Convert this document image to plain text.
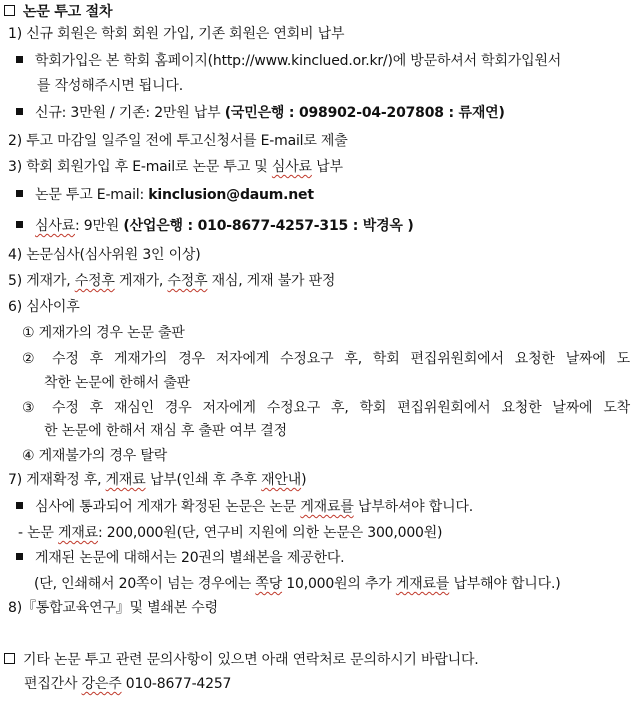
논문 투고 절차
1) 신규 회원은 학회 회원 가입, 기존 회원은 연회비 납부
학회가입은 본 학회 홈페이지(http://www.kinclued.or.kr/)에 방문하셔서 학회가입원서
를 작성해주시면 됩니다.
신규: 3만원 / 기존: 2만원 납부 (국민은행 : 098902-04-207808 : 류재연)
2) 투고 마감일 일주일 전에 투고신청서를 E-mail로 제출
3) 학회 회원가입 후 E-mail로 논문 투고 및 심사료 납부
논문 투고 E-mail: kinclusion@daum.net
심사료: 9만원 (산업은행 : 010-8677-4257-315 : 박경옥 )
4) 논문심사(심사위원 3인 이상)
5) 게재가, 수정후 게재가, 수정후 재심, 게재 불가 판정
6) 심사이후
① 게재가의 경우 논문 출판
② 수정 후 게재가의 경우 저자에게 수정요구 후, 학회 편집위원회에서 요청한 날짜에 도
착한 논문에 한해서 출판
③ 수정 후 재심인 경우 저자에게 수정요구 후, 학회 편집위원회에서 요청한 날짜에 도착
한 논문에 한해서 재심 후 출판 여부 결정
④ 게재불가의 경우 탈락
7) 게재확정 후, 게재료 납부(인쇄 후 추후 재안내)
심사에 통과되어 게재가 확정된 논문은 논문 게재료를 납부하셔야 합니다.
- 논문 게재료: 200,000원(단, 연구비 지원에 의한 논문은 300,000원)
게재된 논문에 대해서는 20권의 별쇄본을 제공한다.
(단, 인쇄해서 20쪽이 넘는 경우에는 쪽당 10,000원의 추가 게재료를 납부해야 합니다.)
8)『통합교육연구』및 별쇄본 수령
기타 논문 투고 관련 문의사항이 있으면 아래 연락처로 문의하시기 바랍니다.
편집간사 강은주 010-8677-4257
